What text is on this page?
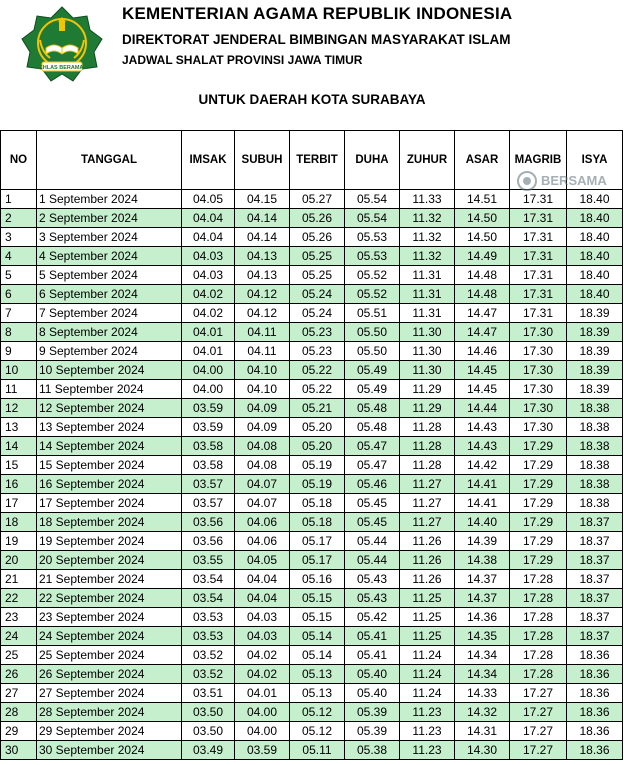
IKHLAS BERAMAL
KEMENTERIAN AGAMA REPUBLIK INDONESIA
DIREKTORAT JENDERAL BIMBINGAN MASYARAKAT ISLAM
JADWAL SHALAT PROVINSI JAWA TIMUR
UNTUK DAERAH KOTA SURABAYA
NO	TANGGAL	IMSAK	SUBUH	TERBIT	DUHA	ZUHUR	ASAR	MAGRIB	ISYA
1	1 September 2024	04.05	04.15	05.27	05.54	11.33	14.51	17.31	18.40
2	2 September 2024	04.04	04.14	05.26	05.54	11.32	14.50	17.31	18.40
3	3 September 2024	04.04	04.14	05.26	05.53	11.32	14.50	17.31	18.40
4	4 September 2024	04.03	04.13	05.25	05.53	11.32	14.49	17.31	18.40
5	5 September 2024	04.03	04.13	05.25	05.52	11.31	14.48	17.31	18.40
6	6 September 2024	04.02	04.12	05.24	05.52	11.31	14.48	17.31	18.40
7	7 September 2024	04.02	04.12	05.24	05.51	11.31	14.47	17.31	18.39
8	8 September 2024	04.01	04.11	05.23	05.50	11.30	14.47	17.30	18.39
9	9 September 2024	04.01	04.11	05.23	05.50	11.30	14.46	17.30	18.39
10	10 September 2024	04.00	04.10	05.22	05.49	11.30	14.45	17.30	18.39
11	11 September 2024	04.00	04.10	05.22	05.49	11.29	14.45	17.30	18.39
12	12 September 2024	03.59	04.09	05.21	05.48	11.29	14.44	17.30	18.38
13	13 September 2024	03.59	04.09	05.20	05.48	11.28	14.43	17.30	18.38
14	14 September 2024	03.58	04.08	05.20	05.47	11.28	14.43	17.29	18.38
15	15 September 2024	03.58	04.08	05.19	05.47	11.28	14.42	17.29	18.38
16	16 September 2024	03.57	04.07	05.19	05.46	11.27	14.41	17.29	18.38
17	17 September 2024	03.57	04.07	05.18	05.45	11.27	14.41	17.29	18.38
18	18 September 2024	03.56	04.06	05.18	05.45	11.27	14.40	17.29	18.37
19	19 September 2024	03.56	04.06	05.17	05.44	11.26	14.39	17.29	18.37
20	20 September 2024	03.55	04.05	05.17	05.44	11.26	14.38	17.29	18.37
21	21 September 2024	03.54	04.04	05.16	05.43	11.26	14.37	17.28	18.37
22	22 September 2024	03.54	04.04	05.15	05.43	11.25	14.37	17.28	18.37
23	23 September 2024	03.53	04.03	05.15	05.42	11.25	14.36	17.28	18.37
24	24 September 2024	03.53	04.03	05.14	05.41	11.25	14.35	17.28	18.37
25	25 September 2024	03.52	04.02	05.14	05.41	11.24	14.34	17.28	18.36
26	26 September 2024	03.52	04.02	05.13	05.40	11.24	14.34	17.28	18.36
27	27 September 2024	03.51	04.01	05.13	05.40	11.24	14.33	17.27	18.36
28	28 September 2024	03.50	04.00	05.12	05.39	11.23	14.32	17.27	18.36
29	29 September 2024	03.50	04.00	05.12	05.39	11.23	14.31	17.27	18.36
30	30 September 2024	03.49	03.59	05.11	05.38	11.23	14.30	17.27	18.36
BERSAMA
